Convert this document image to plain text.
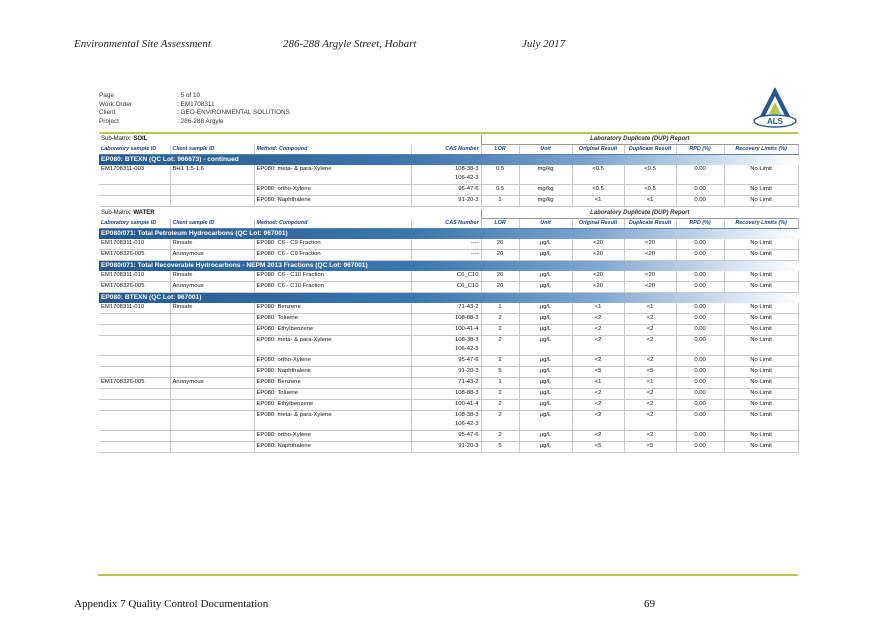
Environmental Site Assessment	286-288 Argyle Street, Hobart	July 2017
Page	: 5 of 10
Work Order	: EM1708311
Client	: GEO-ENVIRONMENTAL SOLUTIONS
Project	: 286-288 Argyle	ALS
Sub-Matrix: SOIL				Laboratory Duplicate (DUP) Report					
Laboratory sample ID	Client sample ID	Method: Compound	CAS Number	LOR	Unit	Original Result	Duplicate Result	RPD (%)	Recovery Limits (%)
EP080: BTEXN (QC Lot: 966673) - continued									
EM1708311-003	BH1 1.5-1.6	EP080: meta- & para-Xylene	108-38-3
106-42-3	0.5	mg/kg	<0.5	<0.5	0.00	No Limit
		EP080: ortho-Xylene	95-47-6	0.5	mg/kg	<0.5	<0.5	0.00	No Limit
		EP080: Naphthalene	91-20-3	1	mg/kg	<1	<1	0.00	No Limit

Sub-Matrix: WATER				Laboratory Duplicate (DUP) Report					
Laboratory sample ID	Client sample ID	Method: Compound	CAS Number	LOR	Unit	Original Result	Duplicate Result	RPD (%)	Recovery Limits (%)
EP080/071: Total Petroleum Hydrocarbons (QC Lot: 967001)									
EM1708311-010	Rinsate	EP080: C6 - C9 Fraction	----	20	µg/L	<20	<20	0.00	No Limit
EM1708326-005	Anonymous	EP080: C6 - C9 Fraction	----	20	µg/L	<20	<20	0.00	No Limit
EP080/071: Total Recoverable Hydrocarbons - NEPM 2013 Fractions (QC Lot: 967001)									
EM1708311-010	Rinsate	EP080: C6 - C10 Fraction	C6_C10	20	µg/L	<20	<20	0.00	No Limit
EM1708326-005	Anonymous	EP080: C6 - C10 Fraction	C6_C10	20	µg/L	<20	<20	0.00	No Limit
EP080: BTEXN (QC Lot: 967001)									
EM1708311-010	Rinsate	EP080: Benzene	71-43-2	1	µg/L	<1	<1	0.00	No Limit
		EP080: Toluene	108-88-3	2	µg/L	<2	<2	0.00	No Limit
		EP080: Ethylbenzene	100-41-4	2	µg/L	<2	<2	0.00	No Limit
		EP080: meta- & para-Xylene	108-38-3
106-42-3	2	µg/L	<2	<2	0.00	No Limit
		EP080: ortho-Xylene	95-47-6	2	µg/L	<2	<2	0.00	No Limit
		EP080: Naphthalene	91-20-3	5	µg/L	<5	<5	0.00	No Limit
EM1708326-005	Anonymous	EP080: Benzene	71-43-2	1	µg/L	<1	<1	0.00	No Limit
		EP080: Toluene	108-88-3	2	µg/L	<2	<2	0.00	No Limit
		EP080: Ethylbenzene	100-41-4	2	µg/L	<2	<2	0.00	No Limit
		EP080: meta- & para-Xylene	108-38-3
106-42-3	2	µg/L	<2	<2	0.00	No Limit
		EP080: ortho-Xylene	95-47-6	2	µg/L	<2	<2	0.00	No Limit
		EP080: Naphthalene	91-20-3	5	µg/L	<5	<5	0.00	No Limit

Appendix 7 Quality Control Documentation	69
